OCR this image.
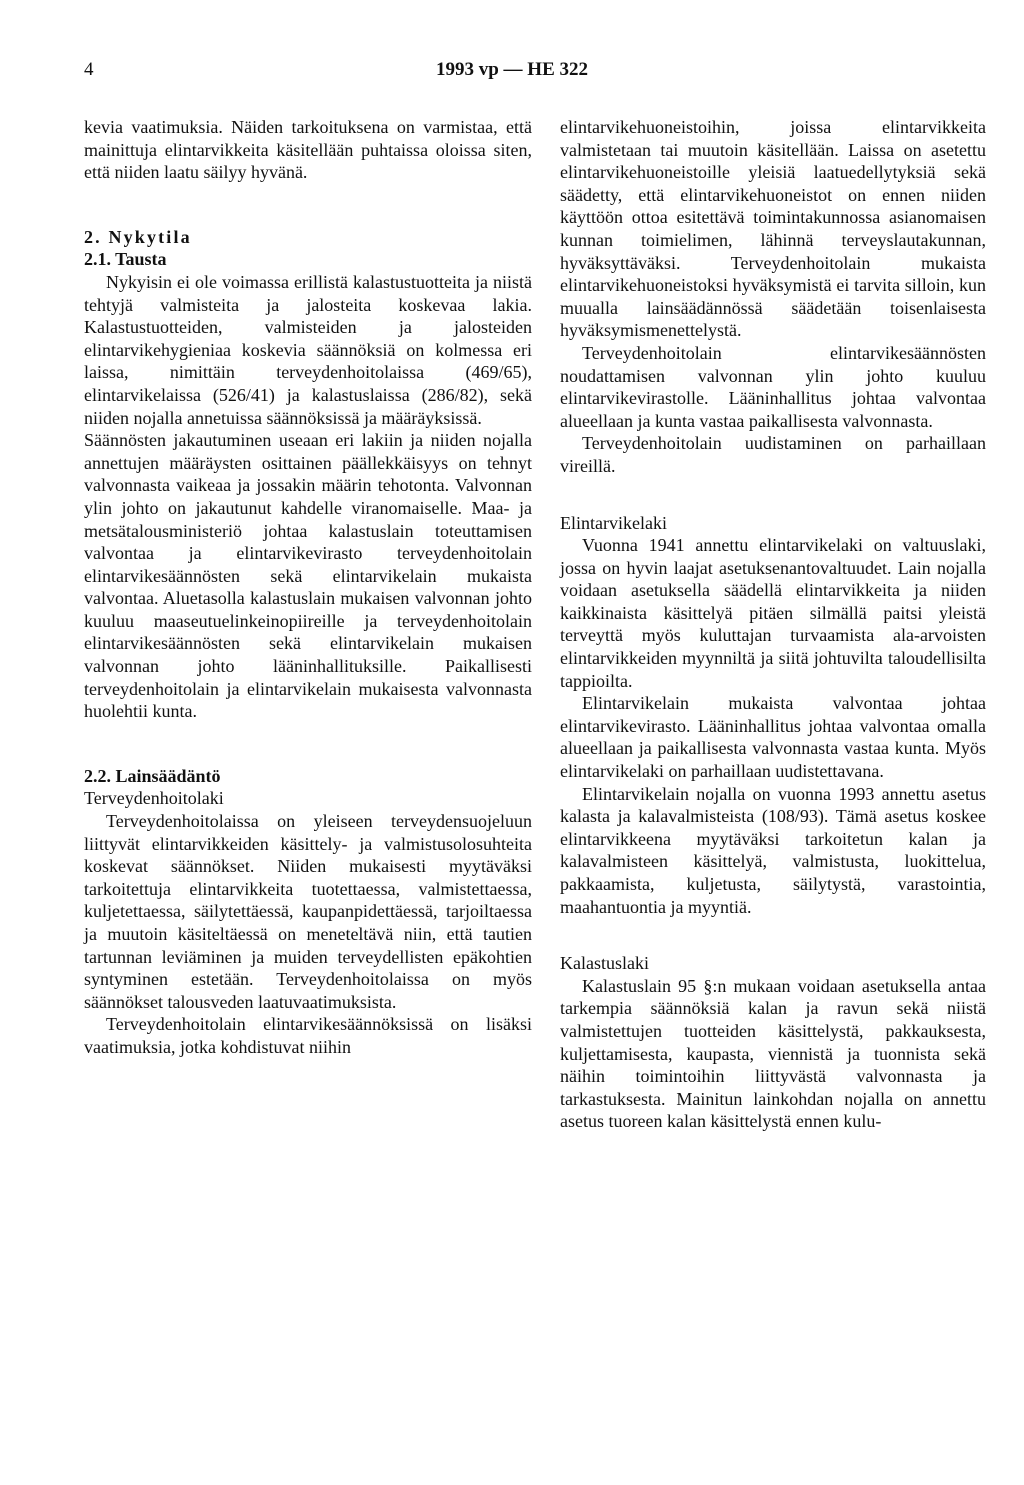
4	1993 vp — HE 322

kevia vaatimuksia. Näiden tarkoituksena on varmistaa, että mainittuja elintarvikkeita käsitellään puhtaissa oloissa siten, että niiden laatu säilyy hyvänä.

2. Nykytila

2.1. Tausta

Nykyisin ei ole voimassa erillistä kalastustuotteita ja niistä tehtyjä valmisteita ja jalosteita koskevaa lakia. Kalastustuotteiden, valmisteiden ja jalosteiden elintarvikehygieniaa koskevia säännöksiä on kolmessa eri laissa, nimittäin terveydenhoitolaissa (469/65), elintarvikelaissa (526/41) ja kalastuslaissa (286/82), sekä niiden nojalla annetuissa säännöksissä ja määräyksissä.

Säännösten jakautuminen useaan eri lakiin ja niiden nojalla annettujen määräysten osittainen päällekkäisyys on tehnyt valvonnasta vaikeaa ja jossakin määrin tehotonta. Valvonnan ylin johto on jakautunut kahdelle viranomaiselle. Maa- ja metsätalousministeriö johtaa kalastuslain toteuttamisen valvontaa ja elintarvikevirasto terveydenhoitolain elintarvikesäännösten sekä elintarvikelain mukaista valvontaa. Aluetasolla kalastuslain mukaisen valvonnan johto kuuluu maaseutuelinkeinopiireille ja terveydenhoitolain elintarvikesäännösten sekä elintarvikelain mukaisen valvonnan johto lääninhallituksille. Paikallisesti terveydenhoitolain ja elintarvikelain mukaisesta valvonnasta huolehtii kunta.

2.2. Lainsäädäntö

Terveydenhoitolaki

Terveydenhoitolaissa on yleiseen terveydensuojeluun liittyvät elintarvikkeiden käsittely- ja valmistusolosuhteita koskevat säännökset. Niiden mukaisesti myytäväksi tarkoitettuja elintarvikkeita tuotettaessa, valmistettaessa, kuljetettaessa, säilytettäessä, kaupanpidettäessä, tarjoiltaessa ja muutoin käsiteltäessä on meneteltävä niin, että tautien tartunnan leviäminen ja muiden terveydellisten epäkohtien syntyminen estetään. Terveydenhoitolaissa on myös säännökset talousveden laatuvaatimuksista.

Terveydenhoitolain elintarvikesäännöksissä on lisäksi vaatimuksia, jotka kohdistuvat niihin

elintarvikehuoneistoihin, joissa elintarvikkeita valmistetaan tai muutoin käsitellään. Laissa on asetettu elintarvikehuoneistoille yleisiä laatuedellytyksiä sekä säädetty, että elintarvikehuoneistot on ennen niiden käyttöön ottoa esitettävä toimintakunnossa asianomaisen kunnan toimielimen, lähinnä terveyslautakunnan, hyväksyttäväksi. Terveydenhoitolain mukaista elintarvikehuoneistoksi hyväksymistä ei tarvita silloin, kun muualla lainsäädännössä säädetään toisenlaisesta hyväksymismenettelystä.

Terveydenhoitolain elintarvikesäännösten noudattamisen valvonnan ylin johto kuuluu elintarvikevirastolle. Lääninhallitus johtaa valvontaa alueellaan ja kunta vastaa paikallisesta valvonnasta.

Terveydenhoitolain uudistaminen on parhaillaan vireillä.

Elintarvikelaki

Vuonna 1941 annettu elintarvikelaki on valtuuslaki, jossa on hyvin laajat asetuksenantovaltuudet. Lain nojalla voidaan asetuksella säädellä elintarvikkeita ja niiden kaikkinaista käsittelyä pitäen silmällä paitsi yleistä terveyttä myös kuluttajan turvaamista ala-arvoisten elintarvikkeiden myynniltä ja siitä johtuvilta taloudellisilta tappioilta.

Elintarvikelain mukaista valvontaa johtaa elintarvikevirasto. Lääninhallitus johtaa valvontaa omalla alueellaan ja paikallisesta valvonnasta vastaa kunta. Myös elintarvikelaki on parhaillaan uudistettavana.

Elintarvikelain nojalla on vuonna 1993 annettu asetus kalasta ja kalavalmisteista (108/93). Tämä asetus koskee elintarvikkeena myytäväksi tarkoitetun kalan ja kalavalmisteen käsittelyä, valmistusta, luokittelua, pakkaamista, kuljetusta, säilytystä, varastointia, maahantuontia ja myyntiä.

Kalastuslaki

Kalastuslain 95 §:n mukaan voidaan asetuksella antaa tarkempia säännöksiä kalan ja ravun sekä niistä valmistettujen tuotteiden käsittelystä, pakkauksesta, kuljettamisesta, kaupasta, viennistä ja tuonnista sekä näihin toimintoihin liittyvästä valvonnasta ja tarkastuksesta. Mainitun lainkohdan nojalla on annettu asetus tuoreen kalan käsittelystä ennen kulu-
